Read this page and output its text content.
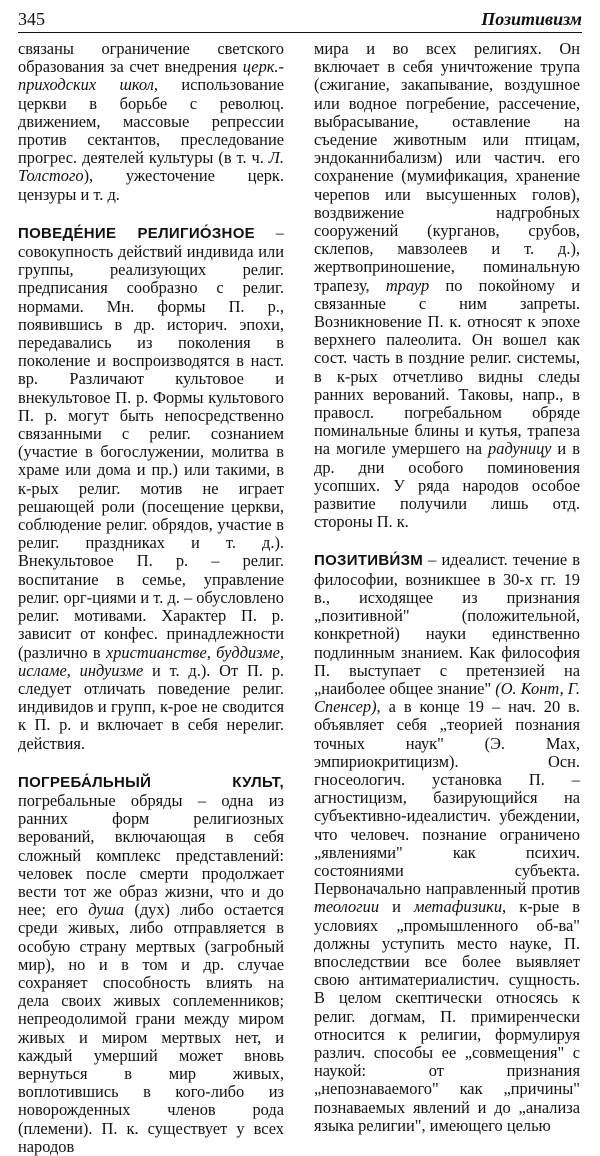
345	Позитивизм

связаны ограничение светского образования за счет внедрения церк.-приходских школ, использование церкви в борьбе с революц. движением, массовые репрессии против сектантов, преследование прогрес. деятелей культуры (в т. ч. Л. Толстого), ужесточение церк. цензуры и т. д.

ПОВЕДЕ́НИЕ РЕЛИГИО́ЗНОЕ – совокупность действий индивида или группы, реализующих религ. предписания сообразно с религ. нормами. Мн. формы П. р., появившись в др. историч. эпохи, передавались из поколения в поколение и воспроизводятся в наст. вр. Различают культовое и внекультовое П. р. Формы культового П. р. могут быть непосредственно связанными с религ. сознанием (участие в богослужении, молитва в храме или дома и пр.) или такими, в к-рых религ. мотив не играет решающей роли (посещение церкви, соблюдение религ. обрядов, участие в религ. праздниках и т. д.). Внекультовое П. р. – религ. воспитание в семье, управление религ. орг-циями и т. д. – обусловлено религ. мотивами. Характер П. р. зависит от конфес. принадлежности (различно в христианстве, буддизме, исламе, индуизме и т. д.). От П. р. следует отличать поведение религ. индивидов и групп, к-рое не сводится к П. р. и включает в себя нерелиг. действия.

ПОГРЕБА́ЛЬНЫЙ КУЛЬТ, погребальные обряды – одна из ранних форм религиозных верований, включающая в себя сложный комплекс представлений: человек после смерти продолжает вести тот же образ жизни, что и до нее; его душа (дух) либо остается среди живых, либо отправляется в особую страну мертвых (загробный мир), но и в том и др. случае сохраняет способность влиять на дела своих живых соплеменников; непреодолимой грани между миром живых и миром мертвых нет, и каждый умерший может вновь вернуться в мир живых, воплотившись в кого-либо из новорожденных членов рода (племени). П. к. существует у всех народов

мира и во всех религиях. Он включает в себя уничтожение трупа (сжигание, закапывание, воздушное или водное погребение, рассечение, выбрасывание, оставление на съедение животным или птицам, эндоканнибализм) или частич. его сохранение (мумификация, хранение черепов или высушенных голов), воздвижение надгробных сооружений (курганов, срубов, склепов, мавзолеев и т. д.), жертвоприношение, поминальную трапезу, траур по покойному и связанные с ним запреты. Возникновение П. к. относят к эпохе верхнего палеолита. Он вошел как сост. часть в поздние религ. системы, в к-рых отчетливо видны следы ранних верований. Таковы, напр., в правосл. погребальном обряде поминальные блины и кутья, трапеза на могиле умершего на радуницу и в др. дни особого поминовения усопших. У ряда народов особое развитие получили лишь отд. стороны П. к.

ПОЗИТИВИ́ЗМ – идеалист. течение в философии, возникшее в 30-х гг. 19 в., исходящее из признания „позитивной" (положительной, конкретной) науки единственно подлинным знанием. Как философия П. выступает с претензией на „наиболее общее знание" (О. Конт, Г. Спенсер), а в конце 19 – нач. 20 в. объявляет себя „теорией познания точных наук" (Э. Мах, эмпириокритицизм). Осн. гносеологич. установка П. – агностицизм, базирующийся на субъективно-идеалистич. убеждении, что человеч. познание ограничено „явлениями" как психич. состояниями субъекта. Первоначально направленный против теологии и метафизики, к-рые в условиях „промышленного об-ва" должны уступить место науке, П. впоследствии все более выявляет свою антиматериалистич. сущность. В целом скептически относясь к религ. догмам, П. примиренчески относится к религии, формулируя различ. способы ее „совмещения" с наукой: от признания „непознаваемого" как „причины" познаваемых явлений и до „анализа языка религии", имеющего целью
